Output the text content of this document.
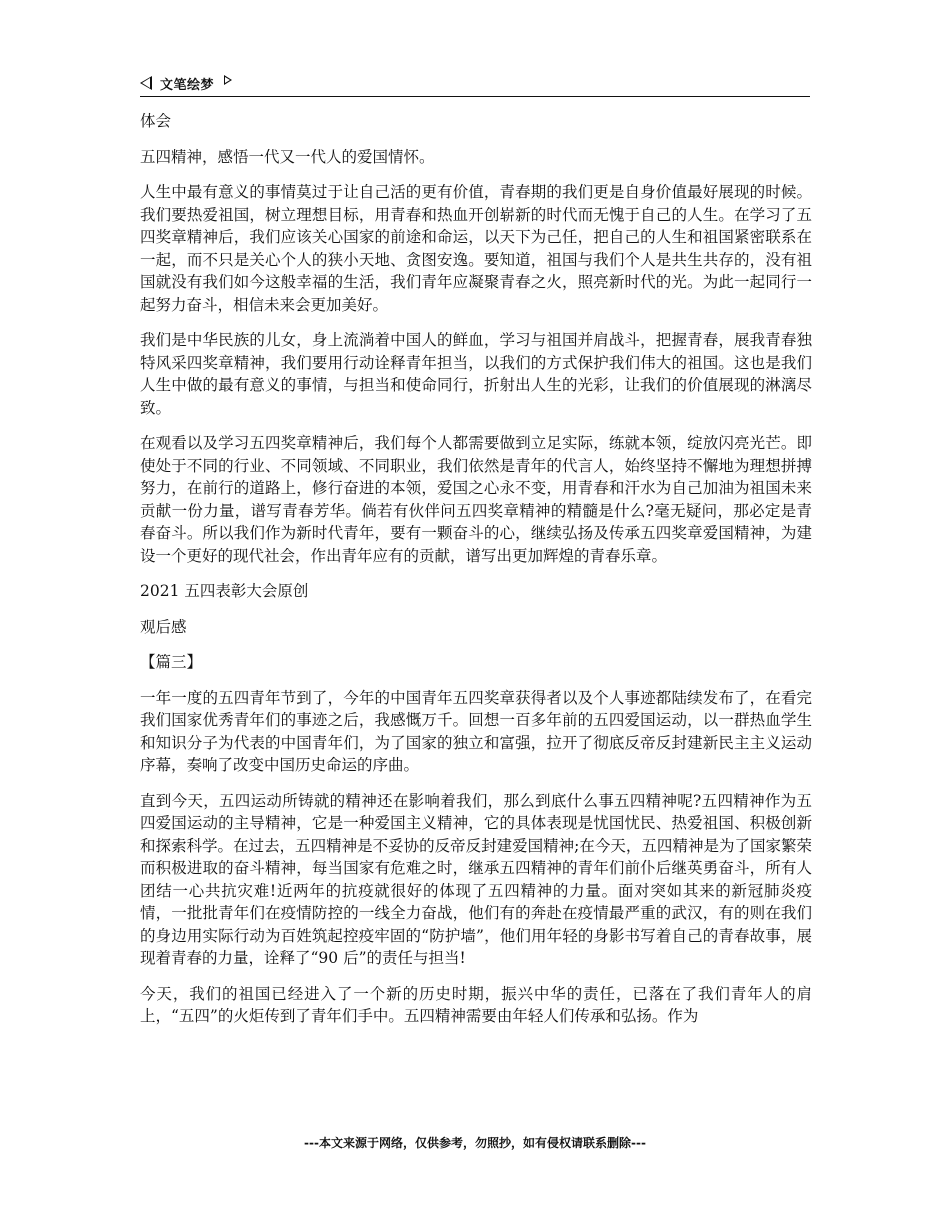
文笔绘梦

体会

五四精神，感悟一代又一代人的爱国情怀。

人生中最有意义的事情莫过于让自己活的更有价值，青春期的我们更是自身价值最好展现的时候。我们要热爱祖国，树立理想目标，用青春和热血开创崭新的时代而无愧于自己的人生。在学习了五四奖章精神后，我们应该关心国家的前途和命运，以天下为己任，把自己的人生和祖国紧密联系在一起，而不只是关心个人的狭小天地、贪图安逸。要知道，祖国与我们个人是共生共存的，没有祖国就没有我们如今这般幸福的生活，我们青年应凝聚青春之火，照亮新时代的光。为此一起同行一起努力奋斗，相信未来会更加美好。

我们是中华民族的儿女，身上流淌着中国人的鲜血，学习与祖国并肩战斗，把握青春，展我青春独特风采四奖章精神，我们要用行动诠释青年担当，以我们的方式保护我们伟大的祖国。这也是我们人生中做的最有意义的事情，与担当和使命同行，折射出人生的光彩，让我们的价值展现的淋漓尽致。

在观看以及学习五四奖章精神后，我们每个人都需要做到立足实际，练就本领，绽放闪亮光芒。即使处于不同的行业、不同领域、不同职业，我们依然是青年的代言人，始终坚持不懈地为理想拼搏努力，在前行的道路上，修行奋进的本领，爱国之心永不变，用青春和汗水为自己加油为祖国未来贡献一份力量，谱写青春芳华。倘若有伙伴问五四奖章精神的精髓是什么?毫无疑问，那必定是青春奋斗。所以我们作为新时代青年，要有一颗奋斗的心，继续弘扬及传承五四奖章爱国精神，为建设一个更好的现代社会，作出青年应有的贡献，谱写出更加辉煌的青春乐章。

2021 五四表彰大会原创

观后感

【篇三】

一年一度的五四青年节到了，今年的中国青年五四奖章获得者以及个人事迹都陆续发布了，在看完我们国家优秀青年们的事迹之后，我感慨万千。回想一百多年前的五四爱国运动，以一群热血学生和知识分子为代表的中国青年们，为了国家的独立和富强，拉开了彻底反帝反封建新民主主义运动序幕，奏响了改变中国历史命运的序曲。

直到今天，五四运动所铸就的精神还在影响着我们，那么到底什么事五四精神呢?五四精神作为五四爱国运动的主导精神，它是一种爱国主义精神，它的具体表现是忧国忧民、热爱祖国、积极创新和探索科学。在过去，五四精神是不妥协的反帝反封建爱国精神;在今天，五四精神是为了国家繁荣而积极进取的奋斗精神，每当国家有危难之时，继承五四精神的青年们前仆后继英勇奋斗，所有人团结一心共抗灾难!近两年的抗疫就很好的体现了五四精神的力量。面对突如其来的新冠肺炎疫情，一批批青年们在疫情防控的一线全力奋战，他们有的奔赴在疫情最严重的武汉，有的则在我们的身边用实际行动为百姓筑起控疫牢固的“防护墙”，他们用年轻的身影书写着自己的青春故事，展现着青春的力量，诠释了“90 后”的责任与担当!

今天，我们的祖国已经进入了一个新的历史时期，振兴中华的责任，已落在了我们青年人的肩上，“五四”的火炬传到了青年们手中。五四精神需要由年轻人们传承和弘扬。作为

---本文来源于网络，仅供参考，勿照抄，如有侵权请联系删除---
